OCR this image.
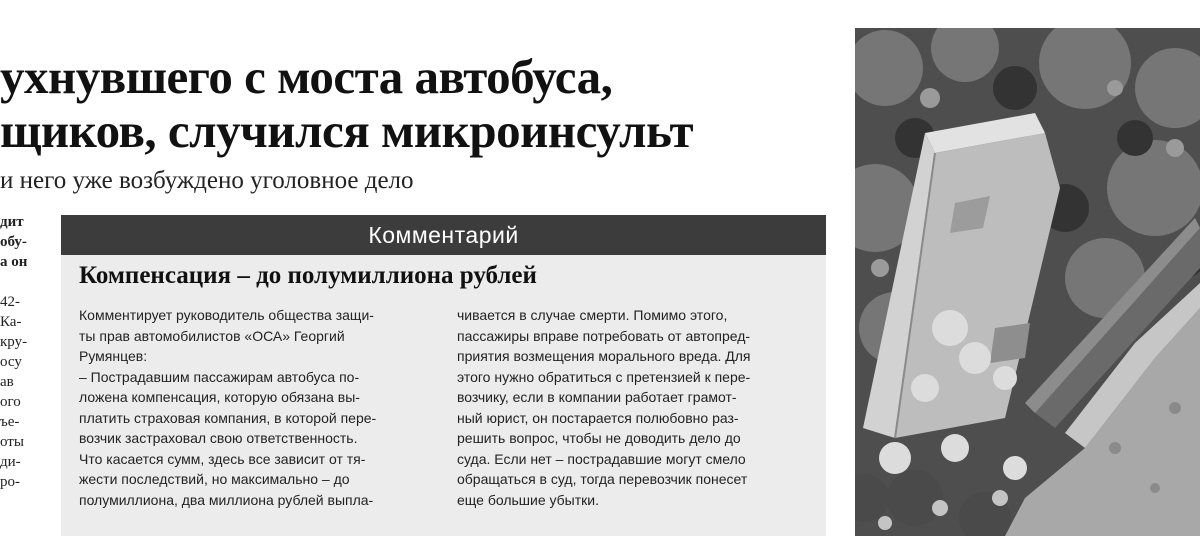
ухнувшего с моста автобуса,
щиков, случился микроинсульт
и него уже возбуждено уголовное дело
дит
обу-
а он

42-
Ка-
кру-
осу
ав
ого
ъе-
оты
ди-
ро-
Комментарий
Компенсация – до полумиллиона рублей
Комментирует руководитель общества защи-
ты прав автомобилистов «ОСА» Георгий
Румянцев:
– Пострадавшим пассажирам автобуса по-
ложена компенсация, которую обязана вы-
платить страховая компания, в которой пере-
возчик застраховал свою ответственность.
Что касается сумм, здесь все зависит от тя-
жести последствий, но максимально – до
полумиллиона, два миллиона рублей выпла-
чивается в случае смерти. Помимо этого,
пассажиры вправе потребовать от автопред-
приятия возмещения морального вреда. Для
этого нужно обратиться с претензией к пере-
возчику, если в компании работает грамот-
ный юрист, он постарается полюбовно раз-
решить вопрос, чтобы не доводить дело до
суда. Если нет – пострадавшие могут смело
обращаться в суд, тогда перевозчик понесет
еще большие убытки.
